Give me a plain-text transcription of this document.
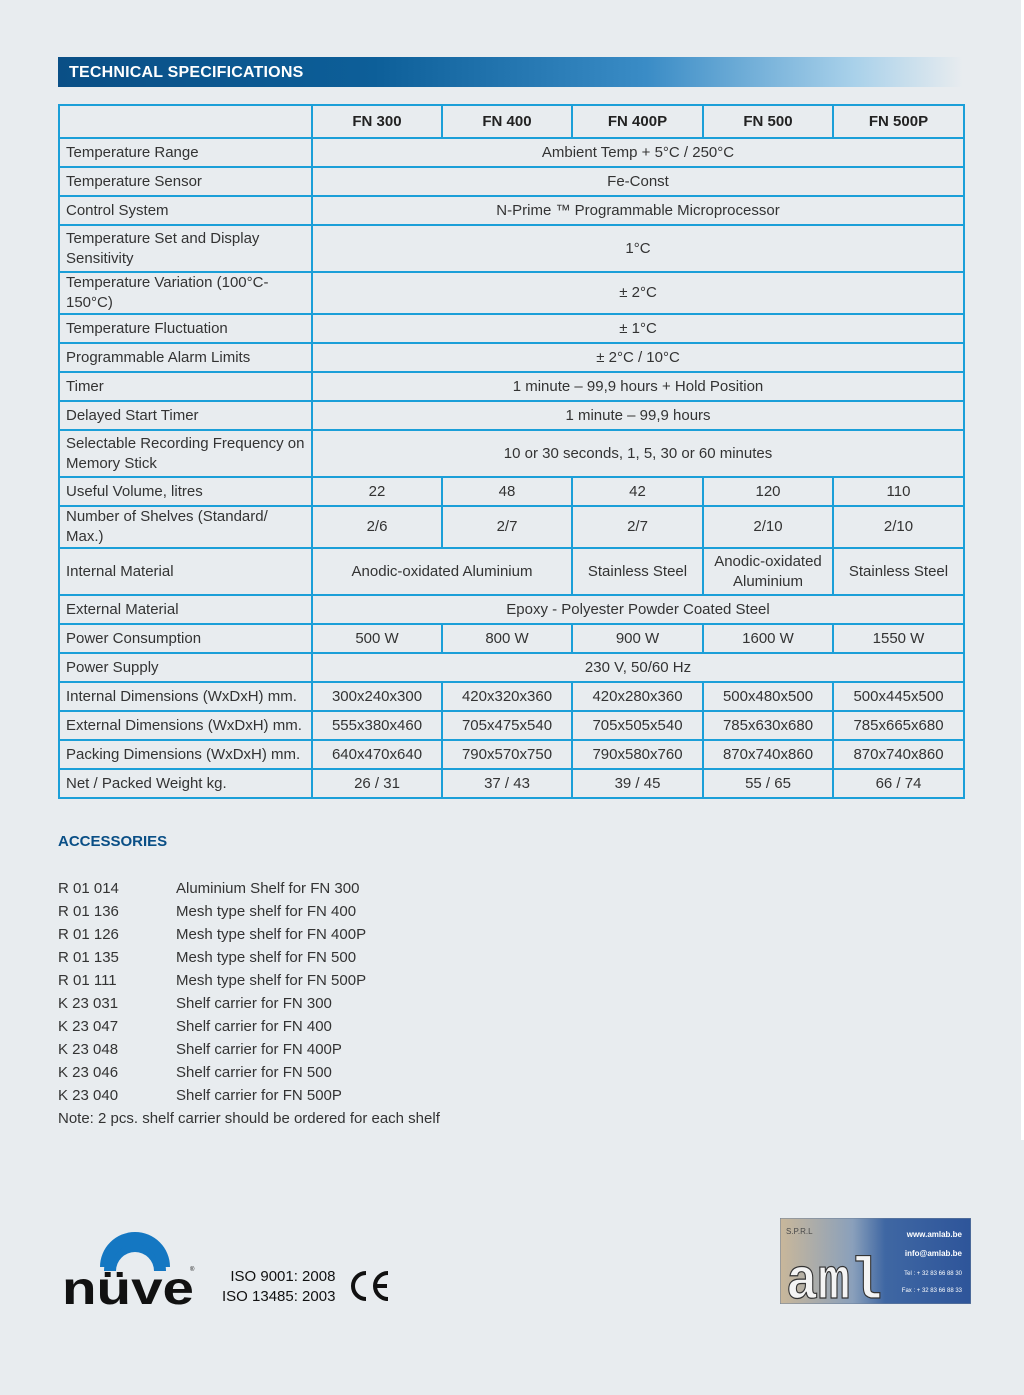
TECHNICAL SPECIFICATIONS
	FN 300	FN 400	FN 400P	FN 500	FN 500P
Temperature Range	Ambient Temp + 5°C / 250°C				
Temperature Sensor	Fe-Const				
Control System	N-Prime ™ Programmable Microprocessor				
Temperature Set and Display Sensitivity	1°C				
Temperature Variation (100°C-150°C)	± 2°C				
Temperature Fluctuation	± 1°C				
Programmable Alarm Limits	± 2°C / 10°C				
Timer	1 minute – 99,9 hours + Hold Position				
Delayed Start Timer	1 minute – 99,9 hours				
Selectable Recording Frequency on Memory Stick	10 or 30 seconds, 1, 5, 30 or 60 minutes				
Useful Volume, litres	22	48	42	120	110
Number of Shelves (Standard/ Max.)	2/6	2/7	2/7	2/10	2/10
Internal Material	Anodic-oxidated Aluminium		Stainless Steel	Anodic-oxidated Aluminium	Stainless Steel
External Material	Epoxy - Polyester Powder Coated Steel				
Power Consumption	500 W	800 W	900 W	1600 W	1550 W
Power Supply	230 V, 50/60 Hz				
Internal Dimensions (WxDxH) mm.	300x240x300	420x320x360	420x280x360	500x480x500	500x445x500
External Dimensions (WxDxH) mm.	555x380x460	705x475x540	705x505x540	785x630x680	785x665x680
Packing Dimensions (WxDxH) mm.	640x470x640	790x570x750	790x580x760	870x740x860	870x740x860
Net / Packed Weight kg.	26 / 31	37 / 43	39 / 45	55 / 65	66 / 74
ACCESSORIES
R 01 014	Aluminium Shelf for FN 300
R 01 136	Mesh type shelf for FN 400
R 01 126	Mesh type shelf for FN 400P
R 01 135	Mesh type shelf for FN 500
R 01 111	Mesh type shelf for FN 500P
K 23 031	Shelf carrier for FN 300
K 23 047	Shelf carrier for FN 400
K 23 048	Shelf carrier for FN 400P
K 23 046	Shelf carrier for FN 500
K 23 040	Shelf carrier for FN 500P
Note: 2 pcs. shelf carrier should be ordered for each shelf
nüve
®	ISO 9001: 2008
ISO 13485: 2003
S.P.R.L
aml
www.amlab.be
info@amlab.be
Tel : + 32 83 66 88 30
Fax : + 32 83 66 88 33
